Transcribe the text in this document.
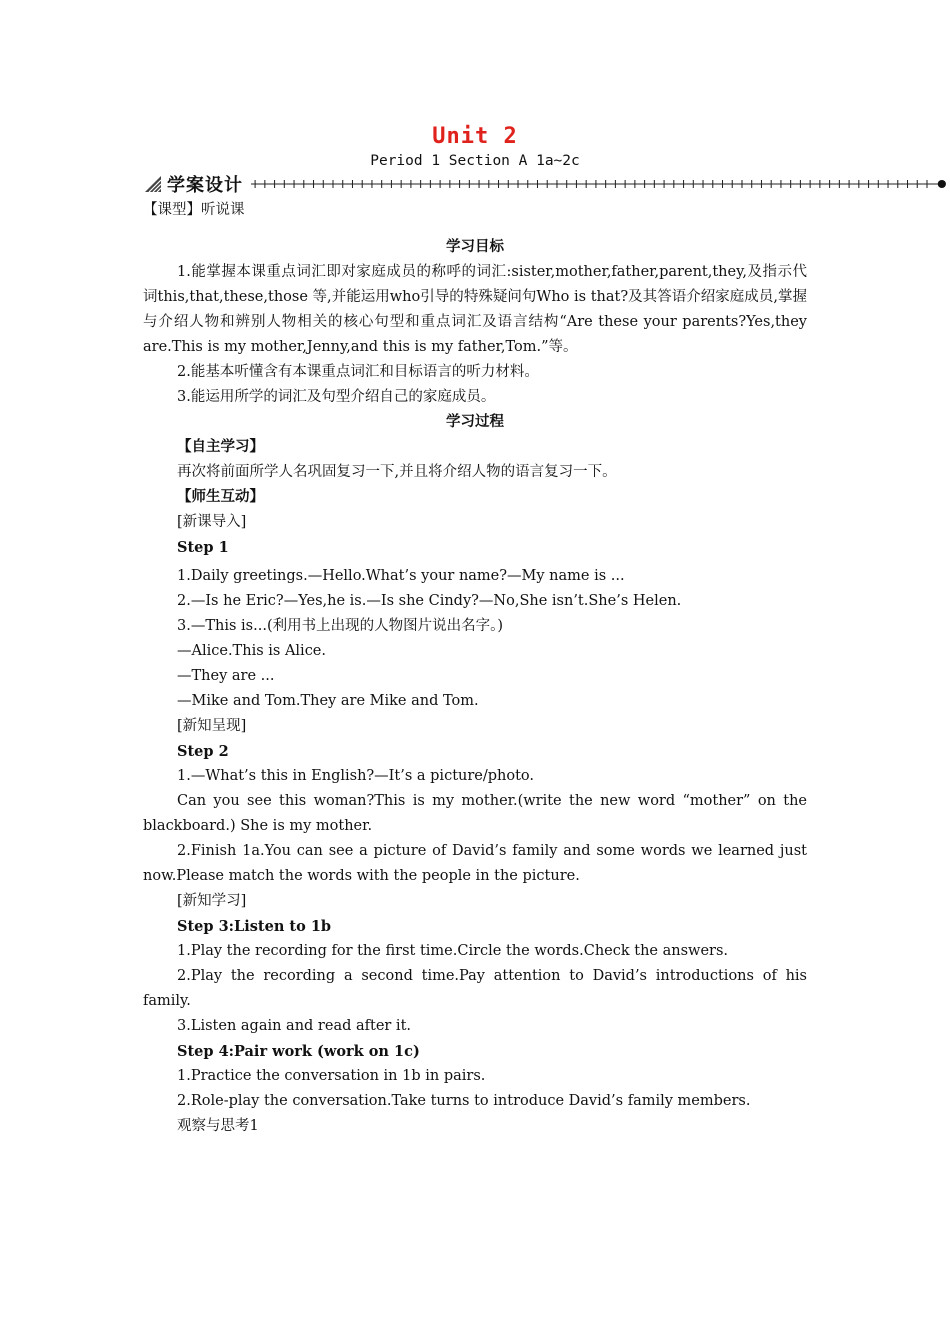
Unit 2
Period 1 Section A 1a~2c
学案设计

【课型】听说课

学习目标

1.能掌握本课重点词汇即对家庭成员的称呼的词汇:sister,mother,father,parent,they,及指示代词this,that,these,those 等,并能运用who引导的特殊疑问句Who is that?及其答语介绍家庭成员,掌握与介绍人物和辨别人物相关的核心句型和重点词汇及语言结构“Are these your parents?Yes,they are.This is my mother,Jenny,and this is my father,Tom.”等。

2.能基本听懂含有本课重点词汇和目标语言的听力材料。

3.能运用所学的词汇及句型介绍自己的家庭成员。

学习过程

【自主学习】

再次将前面所学人名巩固复习一下,并且将介绍人物的语言复习一下。

【师生互动】

[新课导入]

Step 1

1.Daily greetings.—Hello.What’s your name?—My name is ...

2.—Is he Eric?—Yes,he is.—Is she Cindy?—No,She isn’t.She’s Helen.

3.—This is...(利用书上出现的人物图片说出名字。)

—Alice.This is Alice.

—They are ...

—Mike and Tom.They are Mike and Tom.

[新知呈现]

Step 2

1.—What’s this in English?—It’s a picture/photo.

Can you see this woman?This is my mother.(write the new word “mother” on the blackboard.) She is my mother.

2.Finish 1a.You can see a picture of David’s family and some words we learned just now.Please match the words with the people in the picture.

[新知学习]

Step 3:Listen to 1b

1.Play the recording for the first time.Circle the words.Check the answers.

2.Play the recording a second time.Pay attention to David’s introductions of his family.

3.Listen again and read after it.

Step 4:Pair work (work on 1c)

1.Practice the conversation in 1b in pairs.

2.Role-play the conversation.Take turns to introduce David’s family members.

观察与思考1
